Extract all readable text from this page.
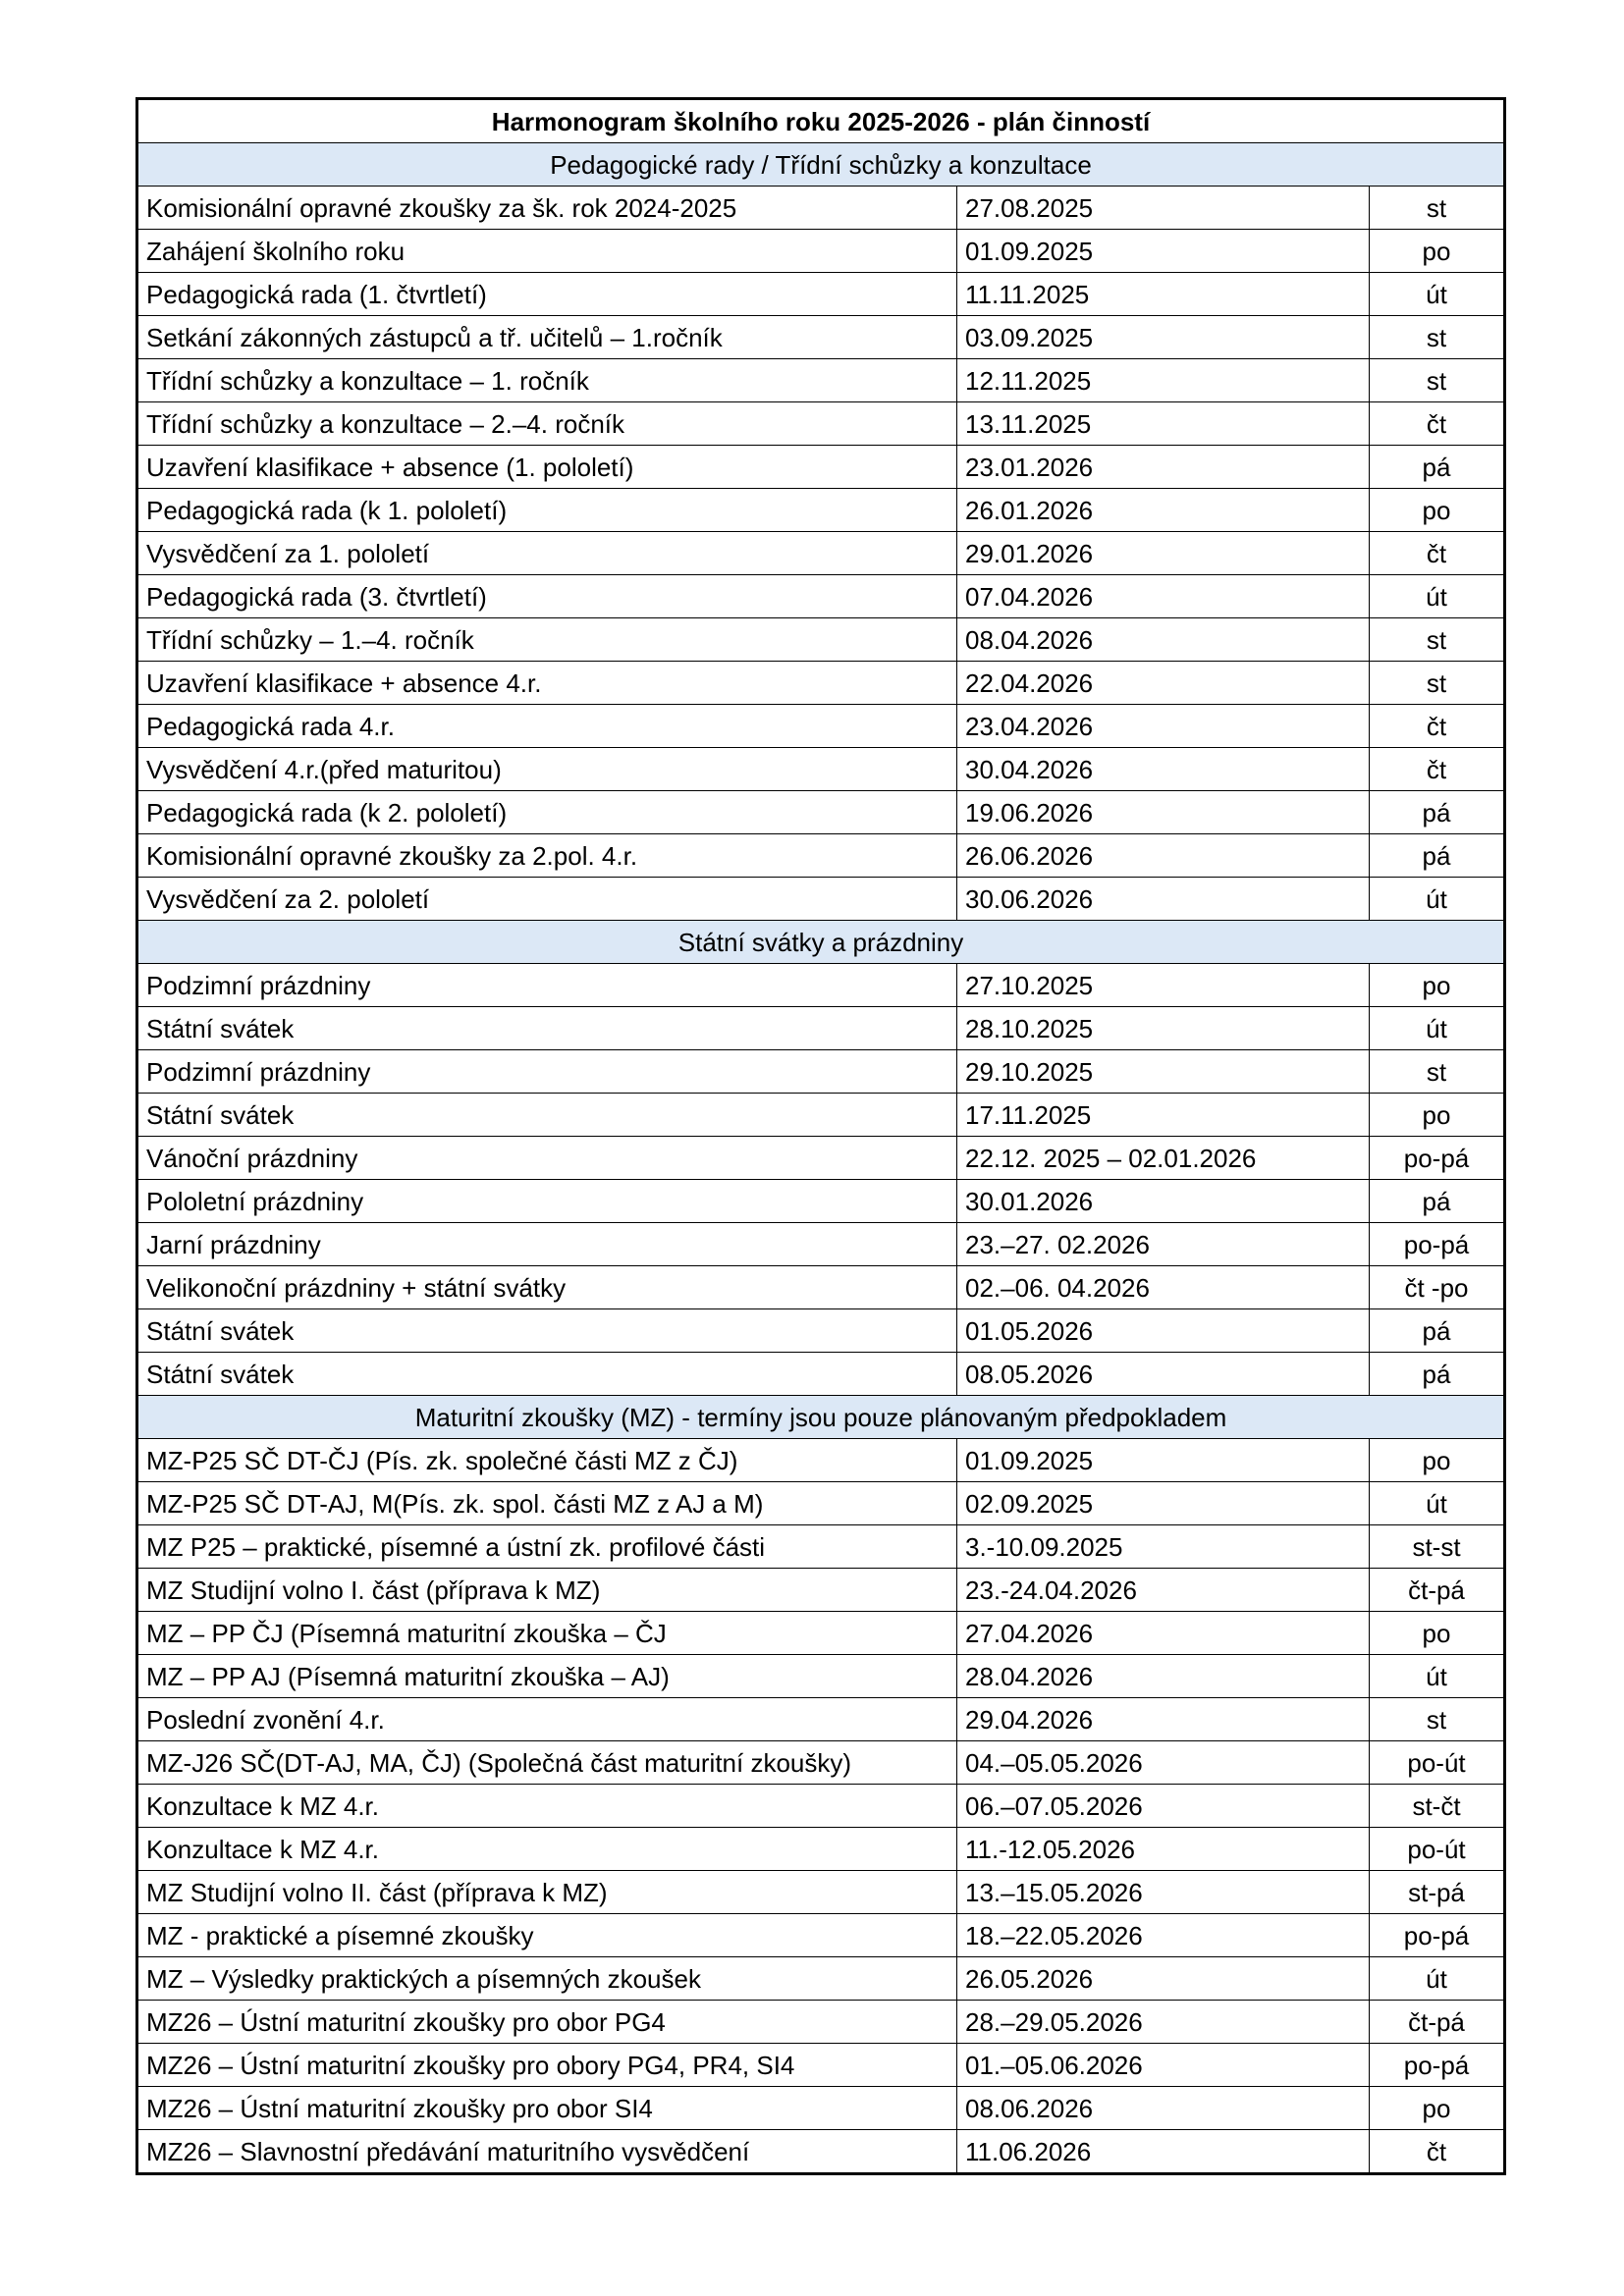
Harmonogram školního roku 2025-2026 - plán činností		
Pedagogické rady / Třídní schůzky a konzultace		
Komisionální opravné zkoušky za šk. rok 2024-2025	27.08.2025	st
Zahájení školního roku	01.09.2025	po
Pedagogická rada (1. čtvrtletí)	11.11.2025	út
Setkání zákonných zástupců a tř. učitelů – 1.ročník	03.09.2025	st
Třídní schůzky a konzultace – 1. ročník	12.11.2025	st
Třídní schůzky a konzultace – 2.–4. ročník	13.11.2025	čt
Uzavření klasifikace + absence (1. pololetí)	23.01.2026	pá
Pedagogická rada (k 1. pololetí)	26.01.2026	po
Vysvědčení za 1. pololetí	29.01.2026	čt
Pedagogická rada (3. čtvrtletí)	07.04.2026	út
Třídní schůzky – 1.–4. ročník	08.04.2026	st
Uzavření klasifikace + absence 4.r.	22.04.2026	st
Pedagogická rada 4.r.	23.04.2026	čt
Vysvědčení 4.r.(před maturitou)	30.04.2026	čt
Pedagogická rada (k 2. pololetí)	19.06.2026	pá
Komisionální opravné zkoušky za 2.pol. 4.r.	26.06.2026	pá
Vysvědčení za 2. pololetí	30.06.2026	út
Státní svátky a prázdniny		
Podzimní prázdniny	27.10.2025	po
Státní svátek	28.10.2025	út
Podzimní prázdniny	29.10.2025	st
Státní svátek	17.11.2025	po
Vánoční prázdniny	22.12. 2025 – 02.01.2026	po-pá
Pololetní prázdniny	30.01.2026	pá
Jarní prázdniny	23.–27. 02.2026	po-pá
Velikonoční prázdniny + státní svátky	02.–06. 04.2026	čt -po
Státní svátek	01.05.2026	pá
Státní svátek	08.05.2026	pá
Maturitní zkoušky (MZ) - termíny jsou pouze plánovaným předpokladem		
MZ-P25 SČ DT-ČJ (Pís. zk. společné části MZ z ČJ)	01.09.2025	po
MZ-P25 SČ DT-AJ, M(Pís. zk. spol. části MZ z AJ a M)	02.09.2025	út
MZ P25 – praktické, písemné a ústní zk. profilové části	3.-10.09.2025	st-st
MZ Studijní volno I. část (příprava k MZ)	23.-24.04.2026	čt-pá
MZ – PP ČJ (Písemná maturitní zkouška – ČJ	27.04.2026	po
MZ – PP AJ (Písemná maturitní zkouška – AJ)	28.04.2026	út
Poslední zvonění 4.r.	29.04.2026	st
MZ-J26 SČ(DT-AJ, MA, ČJ) (Společná část maturitní zkoušky)	04.–05.05.2026	po-út
Konzultace k MZ 4.r.	06.–07.05.2026	st-čt
Konzultace k MZ 4.r.	11.-12.05.2026	po-út
MZ Studijní volno II. část (příprava k MZ)	13.–15.05.2026	st-pá
MZ - praktické a písemné zkoušky	18.–22.05.2026	po-pá
MZ – Výsledky praktických a písemných zkoušek	26.05.2026	út
MZ26 – Ústní maturitní zkoušky pro obor PG4	28.–29.05.2026	čt-pá
MZ26 – Ústní maturitní zkoušky pro obory PG4, PR4, SI4	01.–05.06.2026	po-pá
MZ26 – Ústní maturitní zkoušky pro obor SI4	08.06.2026	po
MZ26 – Slavnostní předávání maturitního vysvědčení	11.06.2026	čt
